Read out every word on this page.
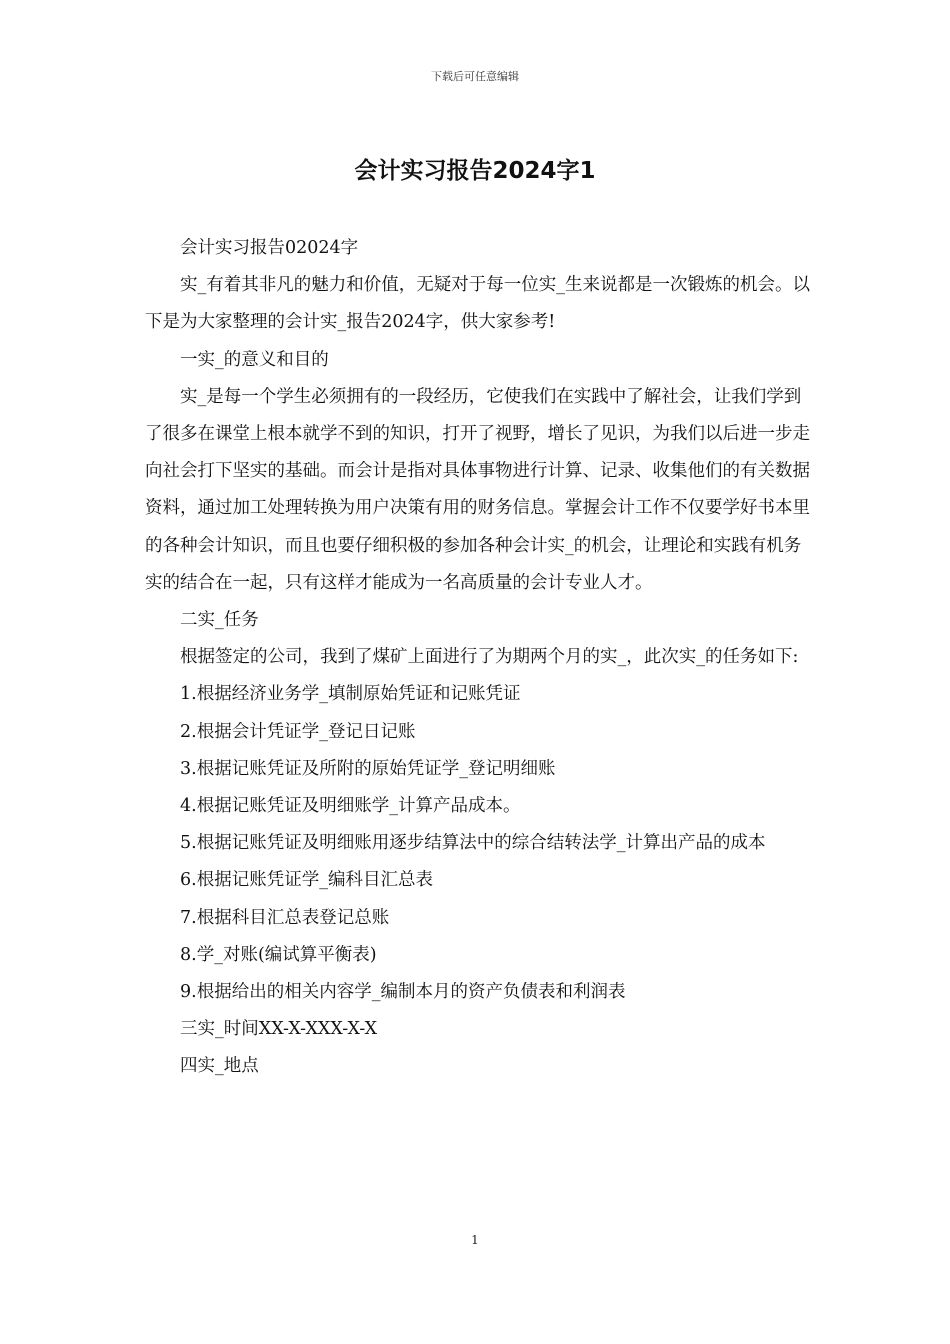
下载后可任意编辑
会计实习报告2024字1

会计实习报告02024字

实_有着其非凡的魅力和价值，无疑对于每一位实_生来说都是一次锻炼的机会。以下是为大家整理的会计实_报告2024字，供大家参考!

一实_的意义和目的

实_是每一个学生必须拥有的一段经历，它使我们在实践中了解社会，让我们学到了很多在课堂上根本就学不到的知识，打开了视野，增长了见识，为我们以后进一步走向社会打下坚实的基础。而会计是指对具体事物进行计算、记录、收集他们的有关数据资料，通过加工处理转换为用户决策有用的财务信息。掌握会计工作不仅要学好书本里的各种会计知识，而且也要仔细积极的参加各种会计实_的机会，让理论和实践有机务实的结合在一起，只有这样才能成为一名高质量的会计专业人才。

二实_任务

根据签定的公司，我到了煤矿上面进行了为期两个月的实_，此次实_的任务如下:

1.根据经济业务学_填制原始凭证和记账凭证

2.根据会计凭证学_登记日记账

3.根据记账凭证及所附的原始凭证学_登记明细账

4.根据记账凭证及明细账学_计算产品成本。

5.根据记账凭证及明细账用逐步结算法中的综合结转法学_计算出产品的成本

6.根据记账凭证学_编科目汇总表

7.根据科目汇总表登记总账

8.学_对账(编试算平衡表)

9.根据给出的相关内容学_编制本月的资产负债表和利润表

三实_时间XX-X-XXX-X-X

四实_地点

1
